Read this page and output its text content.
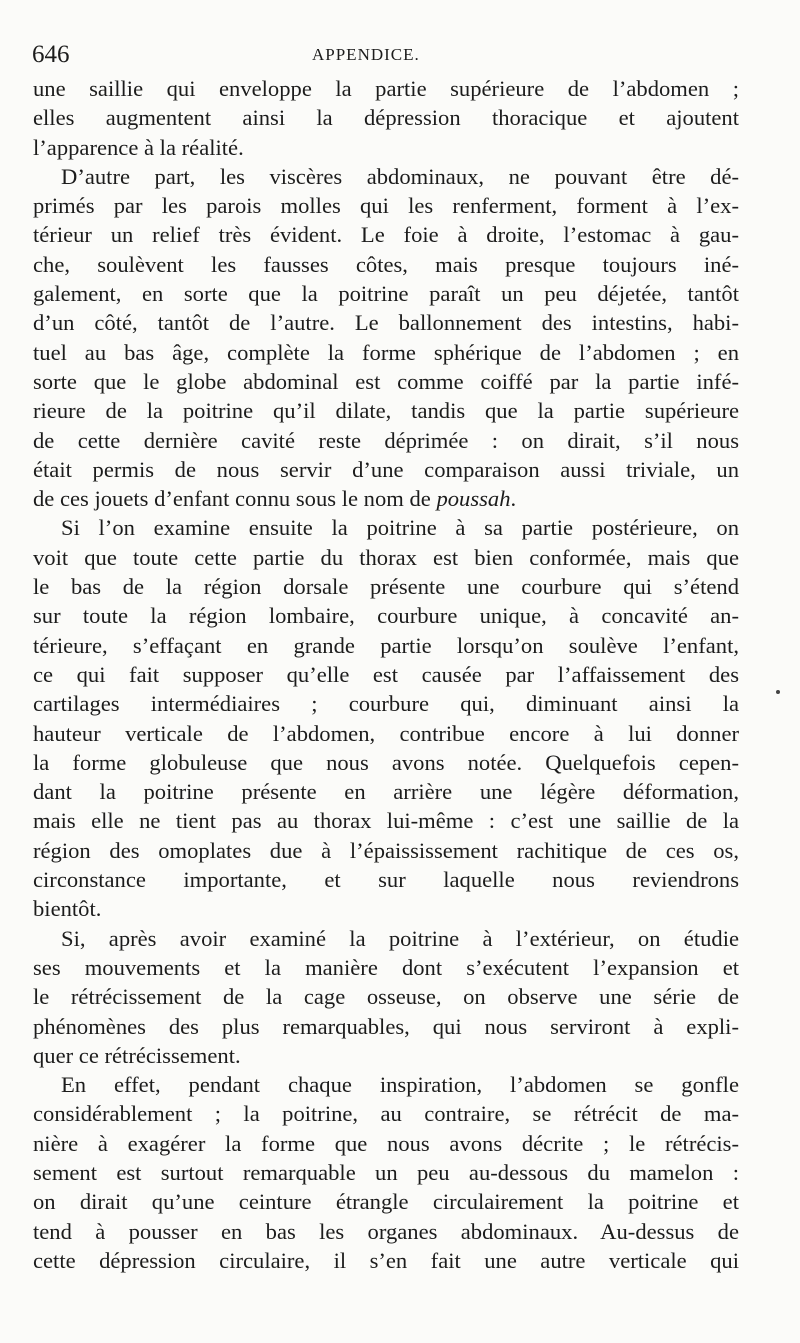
646	APPENDICE.
une saillie qui enveloppe la partie supérieure de l’abdomen ;
elles augmentent ainsi la dépression thoracique et ajoutent
l’apparence à la réalité.
D’autre part, les viscères abdominaux, ne pouvant être dé-
primés par les parois molles qui les renferment, forment à l’ex-
térieur un relief très évident. Le foie à droite, l’estomac à gau-
che, soulèvent les fausses côtes, mais presque toujours iné-
galement, en sorte que la poitrine paraît un peu déjetée, tantôt
d’un côté, tantôt de l’autre. Le ballonnement des intestins, habi-
tuel au bas âge, complète la forme sphérique de l’abdomen ; en
sorte que le globe abdominal est comme coiffé par la partie infé-
rieure de la poitrine qu’il dilate, tandis que la partie supérieure
de cette dernière cavité reste déprimée : on dirait, s’il nous
était permis de nous servir d’une comparaison aussi triviale, un
de ces jouets d’enfant connu sous le nom de poussah.
Si l’on examine ensuite la poitrine à sa partie postérieure, on
voit que toute cette partie du thorax est bien conformée, mais que
le bas de la région dorsale présente une courbure qui s’étend
sur toute la région lombaire, courbure unique, à concavité an-
térieure, s’effaçant en grande partie lorsqu’on soulève l’enfant,
ce qui fait supposer qu’elle est causée par l’affaissement des
cartilages intermédiaires ; courbure qui, diminuant ainsi la
hauteur verticale de l’abdomen, contribue encore à lui donner
la forme globuleuse que nous avons notée. Quelquefois cepen-
dant la poitrine présente en arrière une légère déformation,
mais elle ne tient pas au thorax lui-même : c’est une saillie de la
région des omoplates due à l’épaississement rachitique de ces os,
circonstance importante, et sur laquelle nous reviendrons
bientôt.
Si, après avoir examiné la poitrine à l’extérieur, on étudie
ses mouvements et la manière dont s’exécutent l’expansion et
le rétrécissement de la cage osseuse, on observe une série de
phénomènes des plus remarquables, qui nous serviront à expli-
quer ce rétrécissement.
En effet, pendant chaque inspiration, l’abdomen se gonfle
considérablement ; la poitrine, au contraire, se rétrécit de ma-
nière à exagérer la forme que nous avons décrite ; le rétrécis-
sement est surtout remarquable un peu au-dessous du mamelon :
on dirait qu’une ceinture étrangle circulairement la poitrine et
tend à pousser en bas les organes abdominaux. Au-dessus de
cette dépression circulaire, il s’en fait une autre verticale qui
